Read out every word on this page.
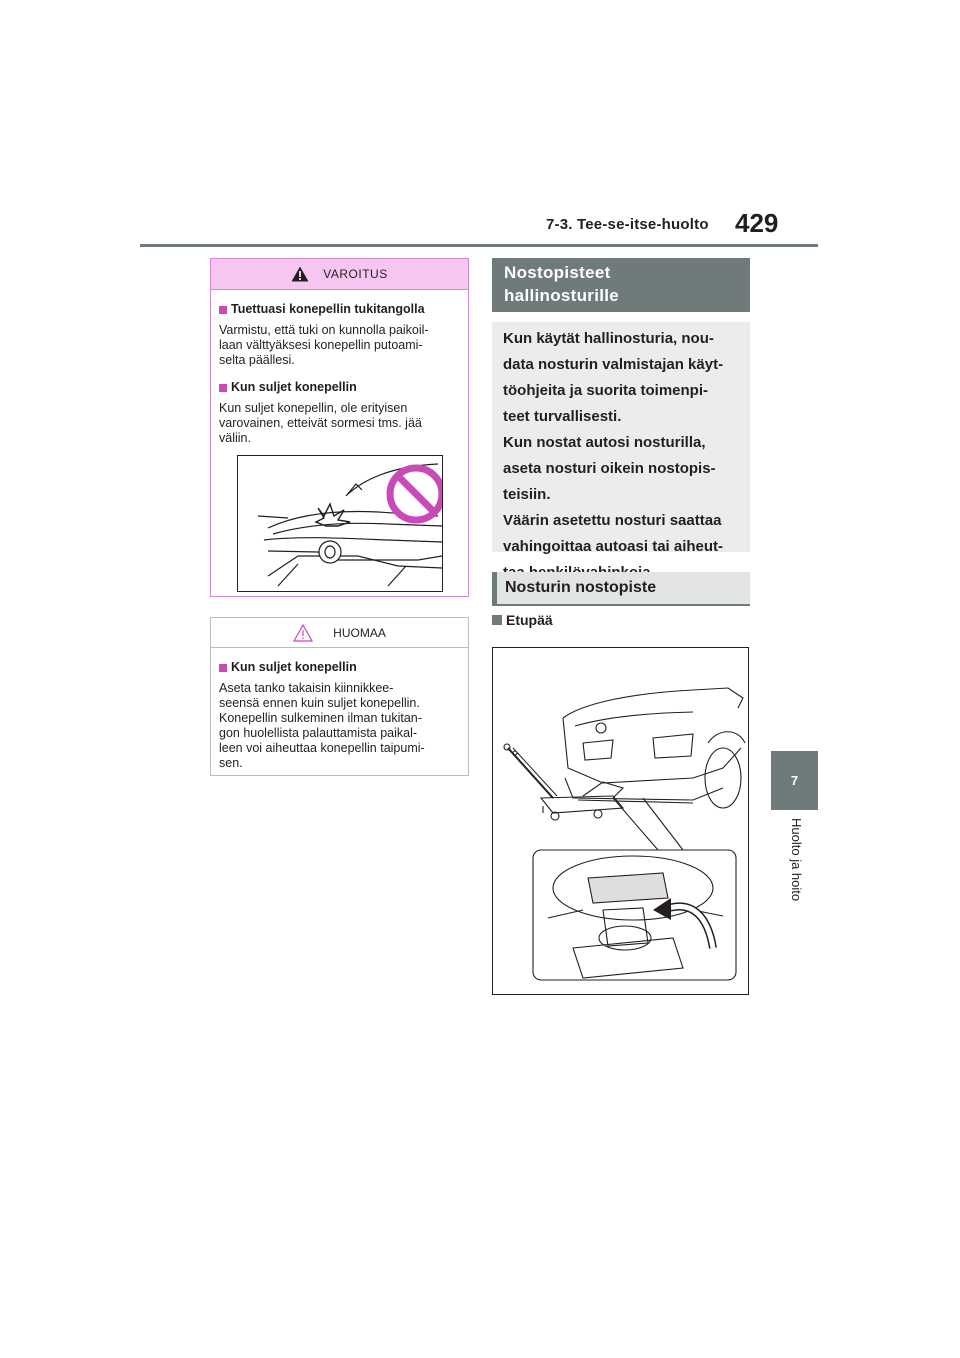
7-3. Tee-se-itse-huolto 429
7
Huolto ja hoito
VAROITUS
Tuettuasi konepellin tukitangolla
Varmistu, että tuki on kunnolla paikoil-
laan välttyäksesi konepellin putoami-
selta päällesi.
Kun suljet konepellin
Kun suljet konepellin, ole erityisen
varovainen, etteivät sormesi tms. jää
väliin.
HUOMAA
Kun suljet konepellin
Aseta tanko takaisin kiinnikkee-
seensä ennen kuin suljet konepellin.
Konepellin sulkeminen ilman tukitan-
gon huolellista palauttamista paikal-
leen voi aiheuttaa konepellin taipumi-
sen.
Nostopisteet
hallinosturille
Kun käytät hallinosturia, nou-
data nosturin valmistajan käyt-
töohjeita ja suorita toimenpi-
teet turvallisesti.
Kun nostat autosi nosturilla,
aseta nosturi oikein nostopis-
teisiin.
Väärin asetettu nosturi saattaa
vahingoittaa autoasi tai aiheut-
Nosturin nostopiste
Etupää
